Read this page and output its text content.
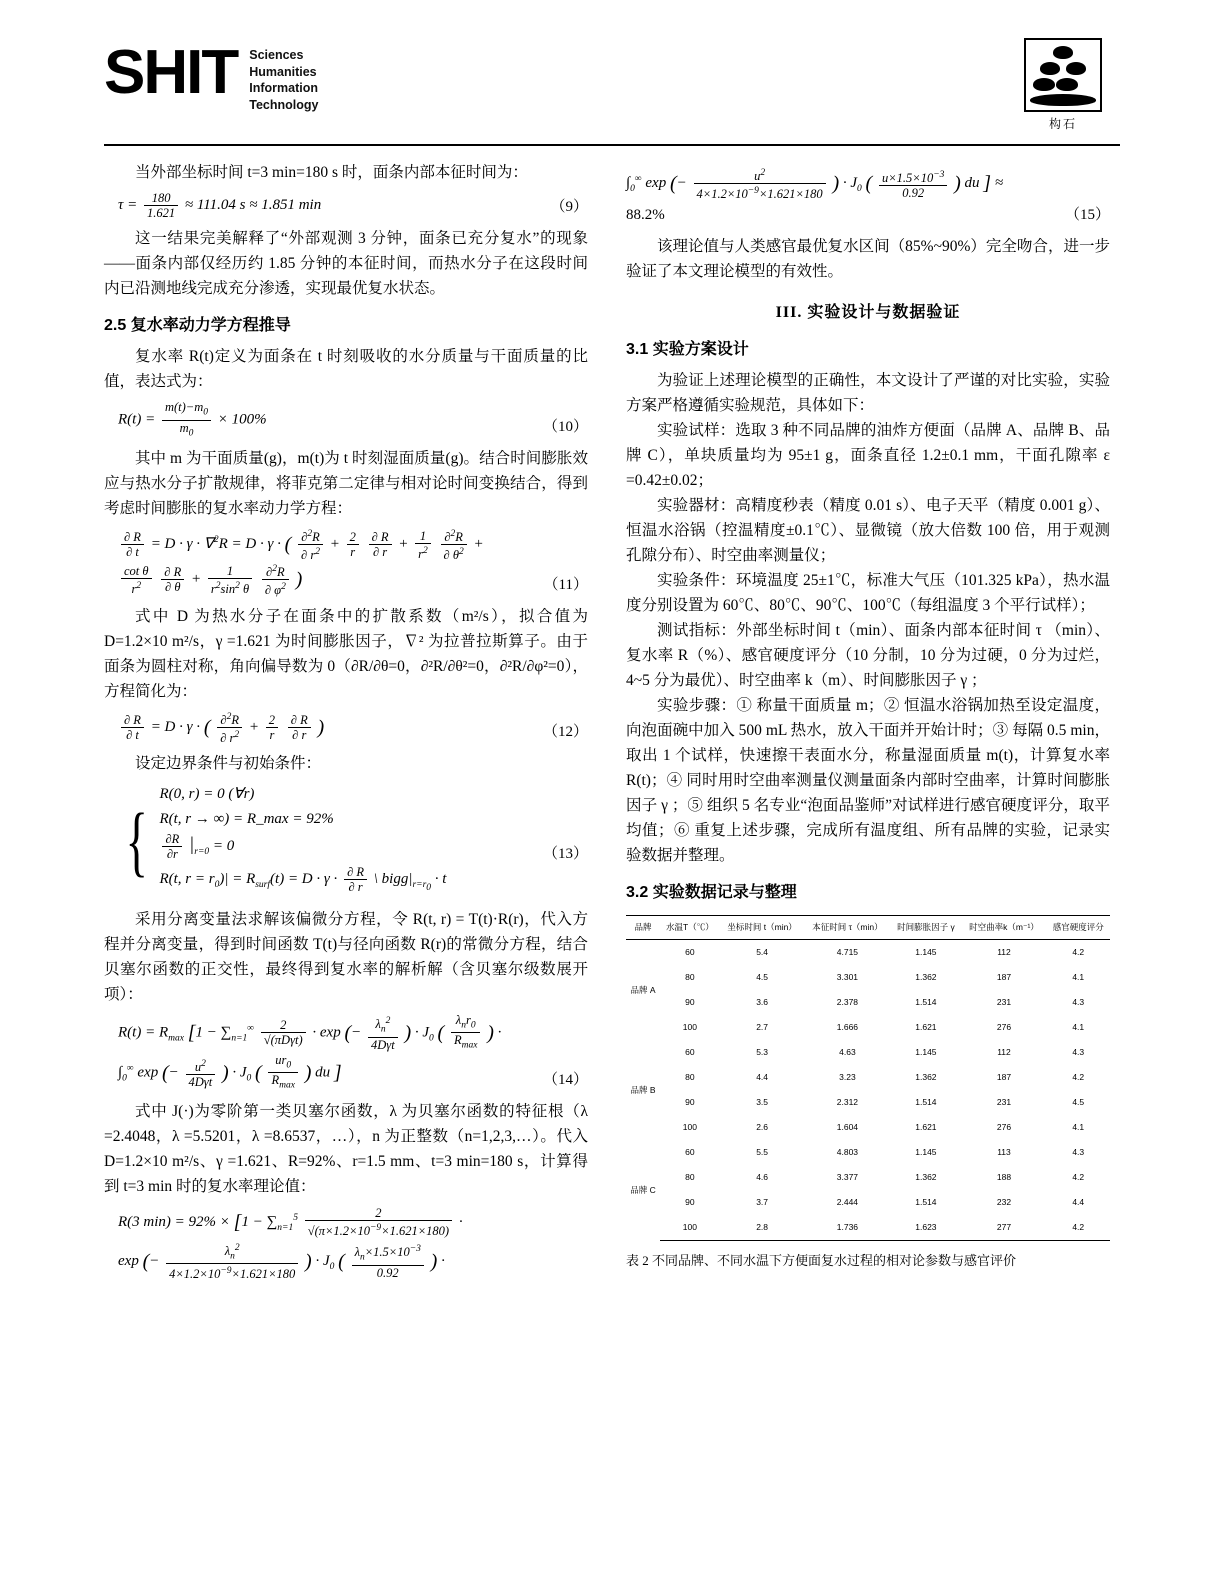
SHIT Sciences
Humanities
Information
Technology
构石

当外部坐标时间 t=3 min=180 s 时，面条内部本征时间为：

$\tau = \frac{180}{1.621} \approx 111.04$ s ≈ 1.851 min	（9）

这一结果完美解释了“外部观测 3 分钟，面条已充分复水”的现象——面条内部仅经历约 1.85 分钟的本征时间，而热水分子在这段时间内已沿测地线完成充分渗透，实现最优复水状态。

2.5 复水率动力学方程推导

复水率 R(t)定义为面条在 t 时刻吸收的水分质量与干面质量的比值，表达式为：

$R(t) = \frac{m(t)-m_0}{m_0} \times 100\%$	（10）

其中 m 为干面质量(g)，m(t)为 t 时刻湿面质量(g)。结合时间膨胀效应与热水分子扩散规律，将菲克第二定律与相对论时间变换结合，得到考虑时间膨胀的复水率动力学方程：

$\frac{\partial R}{\partial t} = D \cdot \gamma \cdot \nabla^2R = D \cdot \gamma$ · ( $\frac{\partial^2R}{\partial r^2} + \frac{2}{r}$
$\frac{\partial R}{\partial r} + \frac{1}{r^2}$
$\frac{\partial^2R}{\partial \theta^2}$ +

$\frac{\text{cot θ}}{r^2}$
$\frac{\partial R}{\partial \theta} + \frac{1}{r^2\sin^2 \theta}$
$\frac{\partial^2R}{\partial \varphi^2}$ )	（11）

式中 D 为热水分子在面条中的扩散系数（m²/s），拟合值为D=1.2×10 m²/s，γ =1.621 为时间膨胀因子，∇² 为拉普拉斯算子。由于面条为圆柱对称，角向偏导数为 0（∂R/∂θ=0，∂²R/∂θ²=0，∂²R/∂φ²=0），方程简化为：

$\frac{\partial R}{\partial t} = D \cdot \gamma$ · ( $\frac{\partial^2R}{\partial r^2} + \frac{2}{r}$
$\frac{\partial R}{\partial r}$ )	（12）

设定边界条件与初始条件：

{
R(0, r) = 0 (∀r)
R(t, r → ∞) = R_max = 92%
$\frac{\partial R}{\partial r} |_{r=0} = 0$
R(t, $r = r_0)| = R_{surf}(t) = D \cdot \gamma \cdot \frac{\partial R}{\partial r}$ \ $bigg|_{r=r_0} \cdot t$
（13）

采用分离变量法求解该偏微分方程，令 R(t, r) = T(t)·R(r)，代入方程并分离变量，得到时间函数 T(t)与径向函数 R(r)的常微分方程，结合贝塞尔函数的正交性，最终得到复水率的解析解（含贝塞尔级数展开项）：

$R(t) = R_{max}$ [$1 - \sum_{n=1}^\infty \frac{2}{\text{√(πDγt)}} \cdot \exp$ (− $\frac{\lambda_n^2}{\text{4Dγt}}$ ) · $J_0$ ( $\frac{\lambda_nr_0}{R_{max}}$ ) ·
$\int_0^\infty$ exp (− $\frac{u^2}{\text{4Dγt}}$ ) · $J_0$ ( $\frac{ur_0}{R_{max}}$ ) du ]	（14）

式中 J(·)为零阶第一类贝塞尔函数，λ 为贝塞尔函数的特征根（λ =2.4048，λ =5.5201，λ =8.6537，…），n 为正整数（n=1,2,3,…）。代入D=1.2×10 m²/s、γ =1.621、R=92%、r=1.5 mm、t=3 min=180 s，计算得到 t=3 min 时的复水率理论值：

R(3 $\min) = 92\% \times [1 - \sum_{n=1}^5 \frac{2}{√(\pi\times 1.2\times 10^{-9}\times 1.621\times 180)}$ ·
exp (− $\frac{\lambda_n^2}{4\times 1.2\times 10^{-9}\times 1.621\times 180}$ ) · $J_0$ ( $\frac{\lambda_n\times 1.5\times 10^{-3}}{0.92}$ ) ·
$\int_0^\infty$ exp (− $\frac{u^2}{4\times 1.2\times 10^{-9}\times 1.621\times 180}$ ) · $J_0$ ( $\frac{u\times 1.5\times 10^{-3}}{0.92}$ ) du ] ≈
88.2%	（15）

该理论值与人类感官最优复水区间（85%~90%）完全吻合，进一步验证了本文理论模型的有效性。

III. 实验设计与数据验证
3.1 实验方案设计

为验证上述理论模型的正确性，本文设计了严谨的对比实验，实验方案严格遵循实验规范，具体如下：

实验试样：选取 3 种不同品牌的油炸方便面（品牌 A、品牌 B、品牌 C），单块质量均为 95±1 g，面条直径 1.2±0.1 mm，干面孔隙率 ε =0.42±0.02；

实验器材：高精度秒表（精度 0.01 s）、电子天平（精度 0.001 g）、恒温水浴锅（控温精度±0.1℃）、显微镜（放大倍数 100 倍，用于观测孔隙分布）、时空曲率测量仪；

实验条件：环境温度 25±1℃，标准大气压（101.325 kPa），热水温度分别设置为 60℃、80℃、90℃、100℃（每组温度 3 个平行试样）；

测试指标：外部坐标时间 t（min）、面条内部本征时间 τ （min）、复水率 R（%）、感官硬度评分（10 分制，10 分为过硬，0 分为过烂，4~5 分为最优）、时空曲率 k（m）、时间膨胀因子 γ ；

实验步骤：① 称量干面质量 m；② 恒温水浴锅加热至设定温度，向泡面碗中加入 500 mL 热水，放入干面并开始计时；③ 每隔 0.5 min，取出 1 个试样，快速擦干表面水分，称量湿面质量 m(t)，计算复水率 R(t)；④ 同时用时空曲率测量仪测量面条内部时空曲率，计算时间膨胀因子 γ ；⑤ 组织 5 名专业“泡面品鉴师”对试样进行感官硬度评分，取平均值；⑥ 重复上述步骤，完成所有温度组、所有品牌的实验，记录实验数据并整理。

3.2 实验数据记录与整理
品牌	水温T（℃）	坐标时间 t（min）	本征时间 τ（min）	时间膨胀因子 γ	时空曲率k（m⁻¹）	感官硬度评分
品牌 A	60	5.4	4.715	1.145	112	4.2
	80	4.5	3.301	1.362	187	4.1
	90	3.6	2.378	1.514	231	4.3
	100	2.7	1.666	1.621	276	4.1
品牌 B	60	5.3	4.63	1.145	112	4.3
	80	4.4	3.23	1.362	187	4.2
	90	3.5	2.312	1.514	231	4.5
	100	2.6	1.604	1.621	276	4.1
品牌 C	60	5.5	4.803	1.145	113	4.3
	80	4.6	3.377	1.362	188	4.2
	90	3.7	2.444	1.514	232	4.4
	100	2.8	1.736	1.623	277	4.2
表 2 不同品牌、不同水温下方便面复水过程的相对论参数与感官评价
